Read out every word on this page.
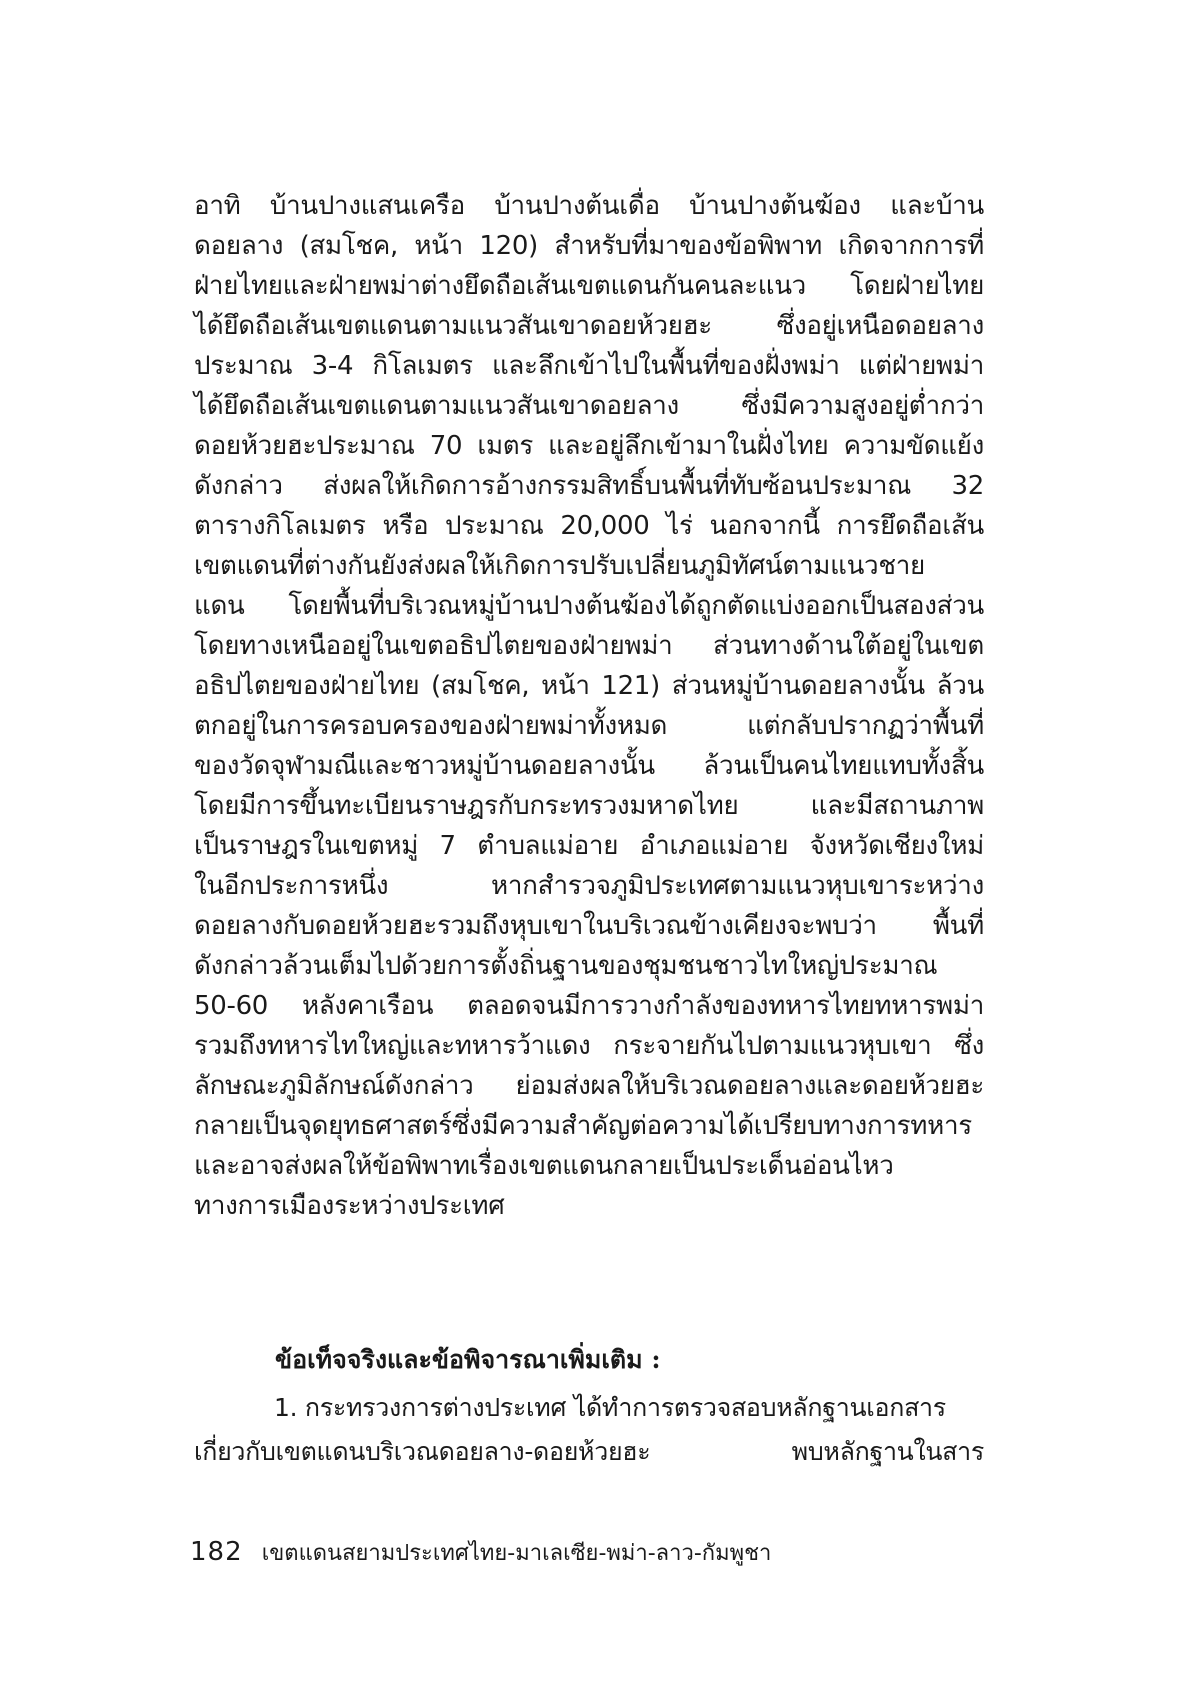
อาทิ บ้านปางแสนเครือ บ้านปางต้นเดื่อ บ้านปางต้นฆ้อง และบ้าน
ดอยลาง (สมโชค, หน้า 120) สำหรับที่มาของข้อพิพาท เกิดจากการที่
ฝ่ายไทยและฝ่ายพม่าต่างยึดถือเส้นเขตแดนกันคนละแนว โดยฝ่ายไทย
ได้ยึดถือเส้นเขตแดนตามแนวสันเขาดอยห้วยฮะ ซึ่งอยู่เหนือดอยลาง
ประมาณ 3-4 กิโลเมตร และลึกเข้าไปในพื้นที่ของฝั่งพม่า แต่ฝ่ายพม่า
ได้ยึดถือเส้นเขตแดนตามแนวสันเขาดอยลาง ซึ่งมีความสูงอยู่ต่ำกว่า
ดอยห้วยฮะประมาณ 70 เมตร และอยู่ลึกเข้ามาในฝั่งไทย ความขัดแย้ง
ดังกล่าว ส่งผลให้เกิดการอ้างกรรมสิทธิ์บนพื้นที่ทับซ้อนประมาณ 32
ตารางกิโลเมตร หรือ ประมาณ 20,000 ไร่ นอกจากนี้ การยึดถือเส้น
เขตแดนที่ต่างกันยังส่งผลให้เกิดการปรับเปลี่ยนภูมิทัศน์ตามแนวชาย
แดน โดยพื้นที่บริเวณหมู่บ้านปางต้นฆ้องได้ถูกตัดแบ่งออกเป็นสองส่วน
โดยทางเหนืออยู่ในเขตอธิปไตยของฝ่ายพม่า ส่วนทางด้านใต้อยู่ในเขต
อธิปไตยของฝ่ายไทย (สมโชค, หน้า 121) ส่วนหมู่บ้านดอยลางนั้น ล้วน
ตกอยู่ในการครอบครองของฝ่ายพม่าทั้งหมด แต่กลับปรากฏว่าพื้นที่
ของวัดจุฬามณีและชาวหมู่บ้านดอยลางนั้น ล้วนเป็นคนไทยแทบทั้งสิ้น
โดยมีการขึ้นทะเบียนราษฎรกับกระทรวงมหาดไทย และมีสถานภาพ
เป็นราษฎรในเขตหมู่ 7 ตำบลแม่อาย อำเภอแม่อาย จังหวัดเชียงใหม่
ในอีกประการหนึ่ง หากสำรวจภูมิประเทศตามแนวหุบเขาระหว่าง
ดอยลางกับดอยห้วยฮะรวมถึงหุบเขาในบริเวณข้างเคียงจะพบว่า พื้นที่
ดังกล่าวล้วนเต็มไปด้วยการตั้งถิ่นฐานของชุมชนชาวไทใหญ่ประมาณ
50-60 หลังคาเรือน ตลอดจนมีการวางกำลังของทหารไทยทหารพม่า
รวมถึงทหารไทใหญ่และทหารว้าแดง กระจายกันไปตามแนวหุบเขา ซึ่ง
ลักษณะภูมิลักษณ์ดังกล่าว ย่อมส่งผลให้บริเวณดอยลางและดอยห้วยฮะ
กลายเป็นจุดยุทธศาสตร์ซึ่งมีความสำคัญต่อความได้เปรียบทางการทหาร
และอาจส่งผลให้ข้อพิพาทเรื่องเขตแดนกลายเป็นประเด็นอ่อนไหว
ทางการเมืองระหว่างประเทศ
ข้อเท็จจริงและข้อพิจารณาเพิ่มเติม :
1. กระทรวงการต่างประเทศ ได้ทำการตรวจสอบหลักฐานเอกสาร
เกี่ยวกับเขตแดนบริเวณดอยลาง-ดอยห้วยฮะ พบหลักฐานในสาร
182 เขตแดนสยามประเทศไทย-มาเลเซีย-พม่า-ลาว-กัมพูชา
